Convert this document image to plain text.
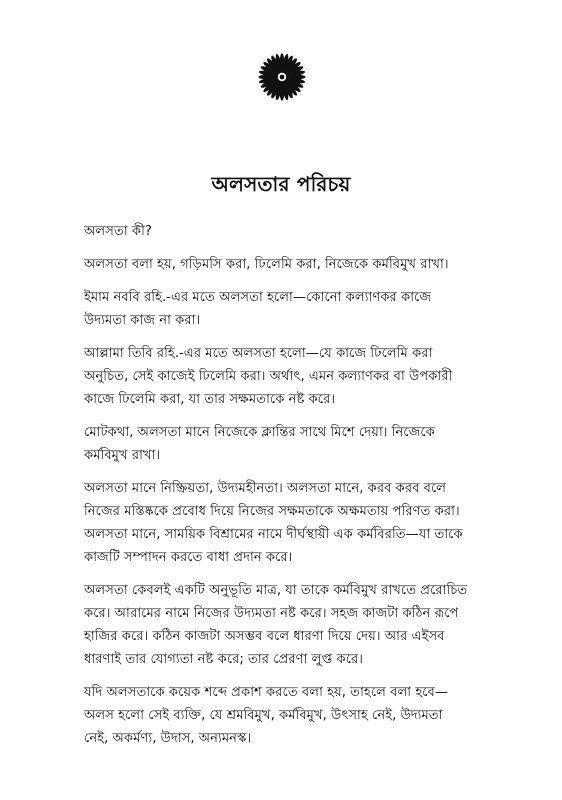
অলসতার পরিচয়

অলসতা কী?

অলসতা বলা হয়, গড়িমসি করা, ঢিলেমি করা, নিজেকে কর্মবিমুখ রাখা।

ইমাম নববি রহি.-এর মতে অলসতা হলো—কোনো কল্যাণকর কাজে
উদ্যমতা কাজ না করা।

আল্লামা তিবি রহি.-এর মতে অলসতা হলো—যে কাজে ঢিলেমি করা
অনুচিত, সেই কাজেই ঢিলেমি করা। অর্থাৎ, এমন কল্যাণকর বা উপকারী
কাজে ঢিলেমি করা, যা তার সক্ষমতাকে নষ্ট করে।

মোটকথা, অলসতা মানে নিজেকে ক্লান্তির সাথে মিশে দেয়া। নিজেকে
কর্মবিমুখ রাখা।

অলসতা মানে নিষ্ক্রিয়তা, উদ্যমহীনতা। অলসতা মানে, করব করব বলে
নিজের মস্তিষ্ককে প্রবোধ দিয়ে নিজের সক্ষমতাকে অক্ষমতায় পরিণত করা।
অলসতা মানে, সাময়িক বিশ্রামের নামে দীর্ঘস্থায়ী এক কর্মবিরতি—যা তাকে
কাজটি সম্পাদন করতে বাধা প্রদান করে।

অলসতা কেবলই একটি অনুভূতি মাত্র, যা তাকে কর্মবিমুখ রাখতে প্ররোচিত
করে। আরামের নামে নিজের উদ্যমতা নষ্ট করে। সহজ কাজটা কঠিন রূপে
হাজির করে। কঠিন কাজটা অসম্ভব বলে ধারণা দিয়ে দেয়। আর এইসব
ধারণাই তার যোগ্যতা নষ্ট করে; তার প্রেরণা লুপ্ত করে।

যদি অলসতাকে কয়েক শব্দে প্রকাশ করতে বলা হয়, তাহলে বলা হবে—
অলস হলো সেই ব্যক্তি, যে শ্রমবিমুখ, কর্মবিমুখ, উৎসাহ নেই, উদ্যমতা
নেই, অকর্মণ্য, উদাস, অন্যমনস্ক।
